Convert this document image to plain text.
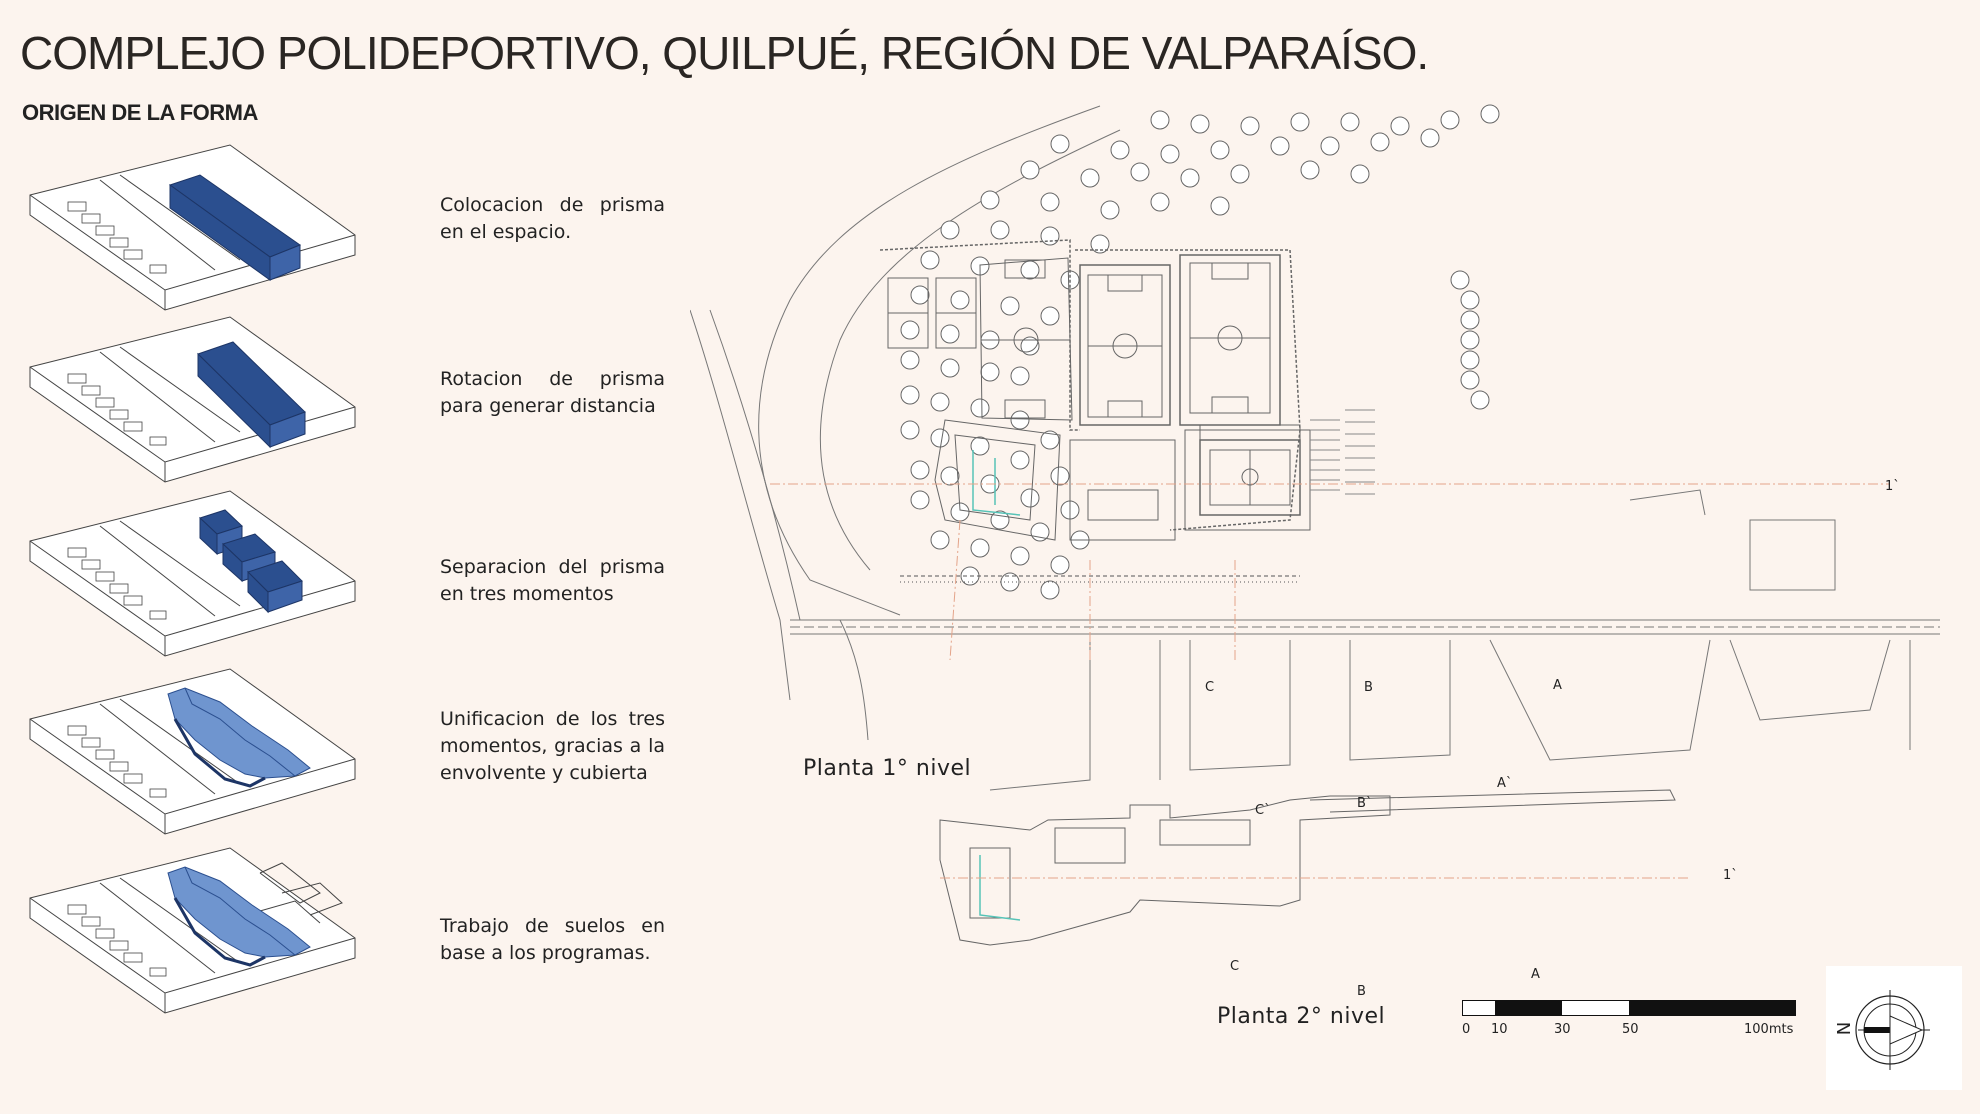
COMPLEJO POLIDEPORTIVO, QUILPUÉ, REGIÓN DE VALPARAÍSO.
ORIGEN DE LA FORMA
Colocacion de prisma en el espacio.
Rotacion de prisma para generar distancia
Separacion del prisma en tres momentos
Unificacion de los tres momentos, gracias a la envolvente y cubierta
Trabajo de suelos en base a los programas.
Planta 1° nivel
Planta 2° nivel
C	B	A
1`
C`	B`
A`
C
B
A
1`
0 10	30	50	100mts N
